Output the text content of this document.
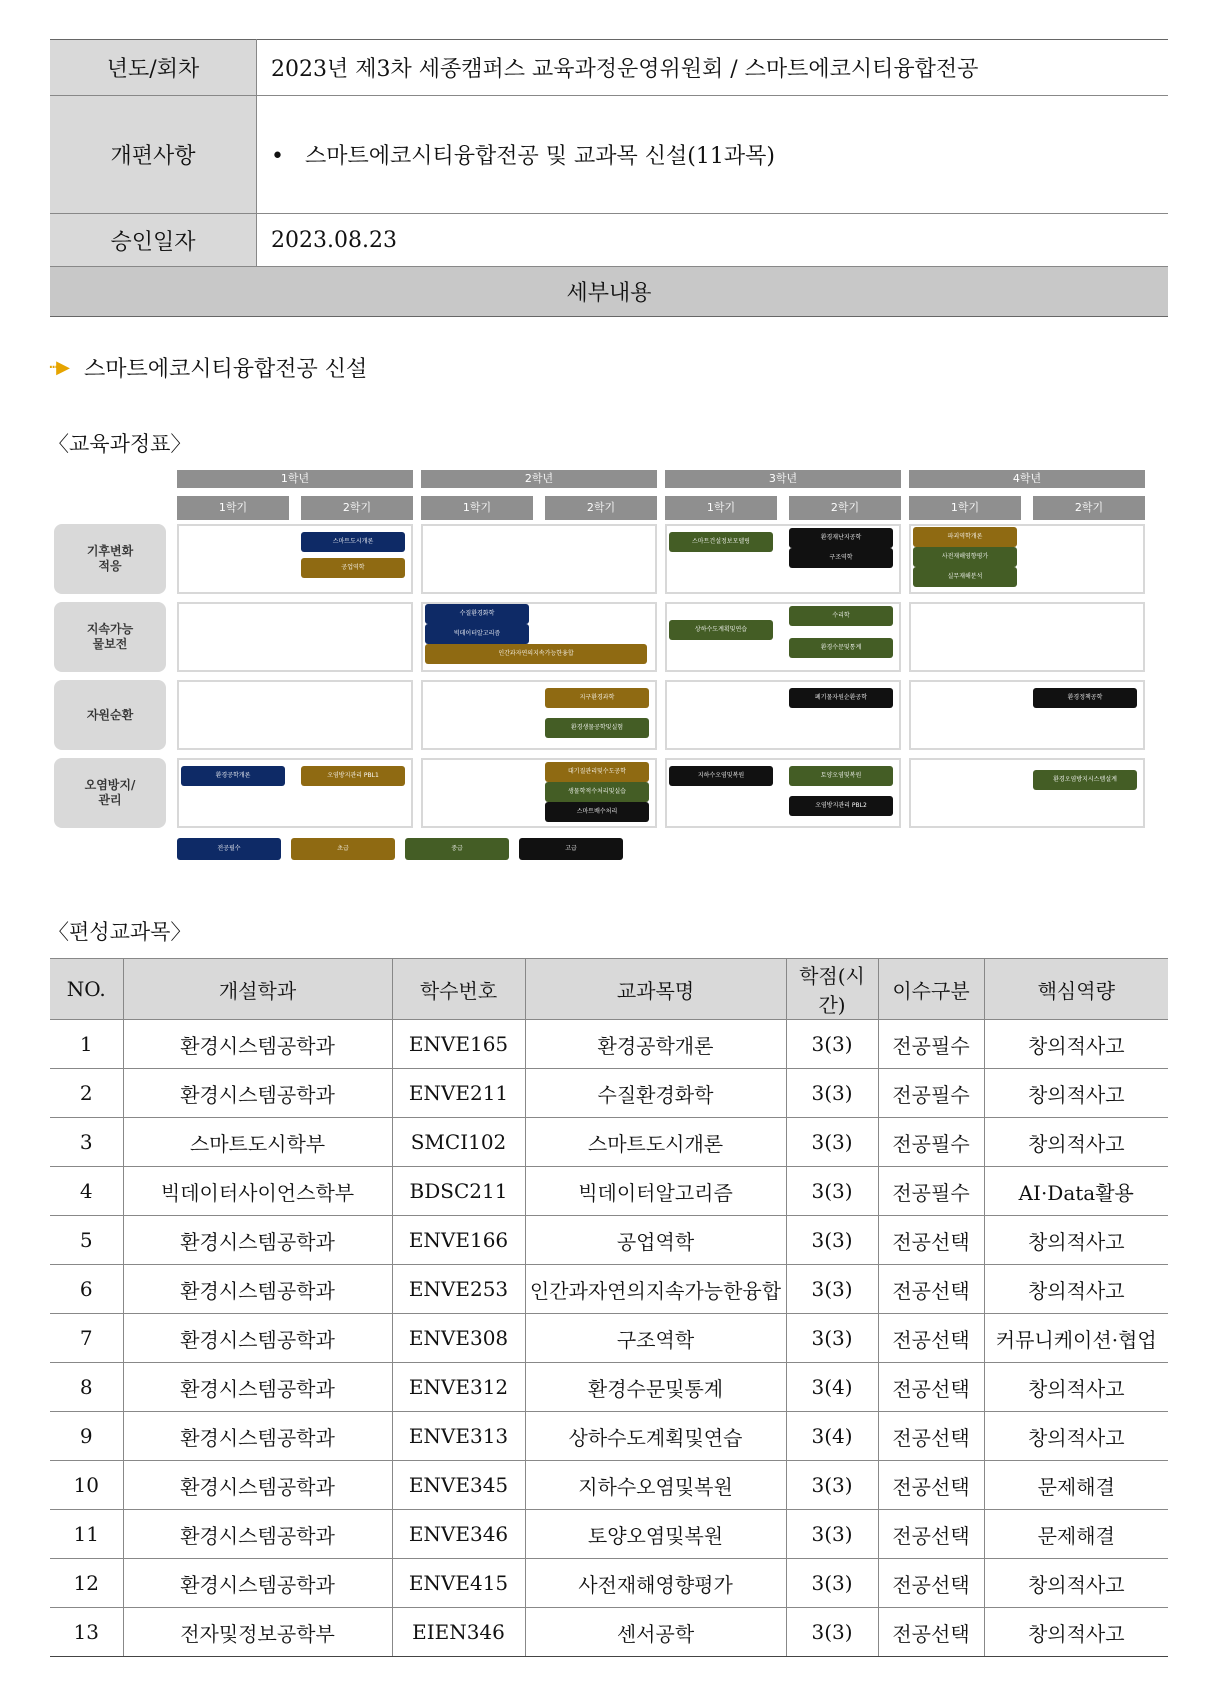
년도/회차	2023년 제3차 세종캠퍼스 교육과정운영위원회 / 스마트에코시티융합전공
개편사항	• 스마트에코시티융합전공 및 교과목 신설(11과목)
승인일자	2023.08.23
세부내용	
···▶ 스마트에코시티융합전공 신설
〈교육과정표〉
1학년	2학년	3학년	4학년
1학기	2학기	1학기	2학기	1학기	2학기	1학기	2학기
기후변화
적응
지속가능
물보전
자원순환
오염방지/
관리
스마트도시개론
공업역학
스마트건설정보모델링
환경재난지공학
구조역학
파괴역학개론
사전재해영향평가
실무재해분석
수질환경화학
빅데이터알고리즘
인간과자연의지속가능한융합
상하수도계획및연습
수리학
환경수문및통계
지구환경과학
환경생물공학및실험
폐기물자원순환공학	환경정책공학
환경공학개론	오염방지관리 PBL1
대기질관리및수도공학
생물학적수처리및실습
스마트배수처리
지하수오염및복원	토양오염및복원
오염방지관리 PBL2
환경오염방지시스템설계
전공필수	초급	중급	고급
〈편성교과목〉
NO.	개설학과	학수번호	교과목명	학점(시간)	이수구분	핵심역량
1	환경시스템공학과	ENVE165	환경공학개론	3(3)	전공필수	창의적사고
2	환경시스템공학과	ENVE211	수질환경화학	3(3)	전공필수	창의적사고
3	스마트도시학부	SMCI102	스마트도시개론	3(3)	전공필수	창의적사고
4	빅데이터사이언스학부	BDSC211	빅데이터알고리즘	3(3)	전공필수	AI·Data활용
5	환경시스템공학과	ENVE166	공업역학	3(3)	전공선택	창의적사고
6	환경시스템공학과	ENVE253	인간과자연의지속가능한융합	3(3)	전공선택	창의적사고
7	환경시스템공학과	ENVE308	구조역학	3(3)	전공선택	커뮤니케이션·협업
8	환경시스템공학과	ENVE312	환경수문및통계	3(4)	전공선택	창의적사고
9	환경시스템공학과	ENVE313	상하수도계획및연습	3(4)	전공선택	창의적사고
10	환경시스템공학과	ENVE345	지하수오염및복원	3(3)	전공선택	문제해결
11	환경시스템공학과	ENVE346	토양오염및복원	3(3)	전공선택	문제해결
12	환경시스템공학과	ENVE415	사전재해영향평가	3(3)	전공선택	창의적사고
13	전자및정보공학부	EIEN346	센서공학	3(3)	전공선택	창의적사고
